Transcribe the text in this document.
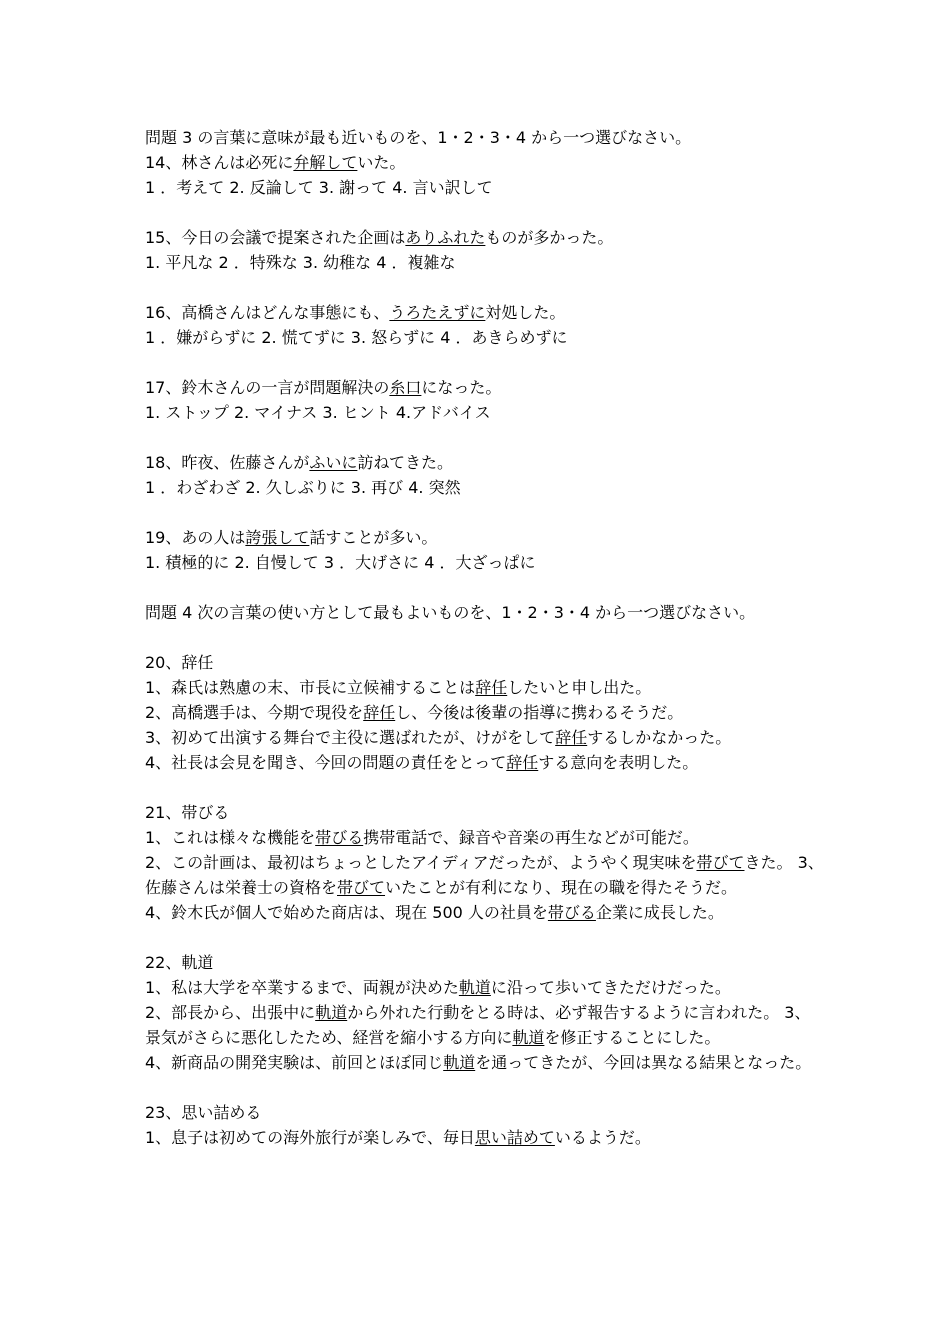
問題 3 の言葉に意味が最も近いものを、1・2・3・4 から一つ選びなさい。

14、林さんは必死に弁解していた。

1 ．考えて 2. 反論して 3. 謝って 4. 言い訳して

15、今日の会議で提案された企画はありふれたものが多かった。

1. 平凡な 2 ．特殊な 3. 幼稚な 4 ．複雑な

16、高橋さんはどんな事態にも、うろたえずに対処した。

1 ．嫌がらずに 2. 慌てずに 3. 怒らずに 4 ．あきらめずに

17、鈴木さんの一言が問題解決の糸口になった。

1. ストップ 2. マイナス 3. ヒント 4.アドバイス

18、昨夜、佐藤さんがふいに訪ねてきた。

1 ．わざわざ 2. 久しぶりに 3. 再び 4. 突然

19、あの人は誇張して話すことが多い。

1. 積極的に 2. 自慢して 3 ．大げさに 4 ．大ざっぱに

問題 4 次の言葉の使い方として最もよいものを、1・2・3・4 から一つ選びなさい。

20、辞任

1、森氏は熟慮の末、市長に立候補することは辞任したいと申し出た。

2、高橋選手は、今期で現役を辞任し、今後は後輩の指導に携わるそうだ。

3、初めて出演する舞台で主役に選ばれたが、けがをして辞任するしかなかった。

4、社長は会見を聞き、今回の問題の責任をとって辞任する意向を表明した。

21、帯びる

1、これは様々な機能を帯びる携帯電話で、録音や音楽の再生などが可能だ。

2、この計画は、最初はちょっとしたアイディアだったが、ようやく現実味を帯びてきた。 3、佐藤さんは栄養士の資格を帯びていたことが有利になり、現在の職を得たそうだ。

4、鈴木氏が個人で始めた商店は、現在 500 人の社員を帯びる企業に成長した。

22、軌道

1、私は大学を卒業するまで、両親が決めた軌道に沿って歩いてきただけだった。

2、部長から、出張中に軌道から外れた行動をとる時は、必ず報告するように言われた。 3、景気がさらに悪化したため、経営を縮小する方向に軌道を修正することにした。

4、新商品の開発実験は、前回とほぼ同じ軌道を通ってきたが、今回は異なる結果となった。

23、思い詰める

1、息子は初めての海外旅行が楽しみで、毎日思い詰めているようだ。
